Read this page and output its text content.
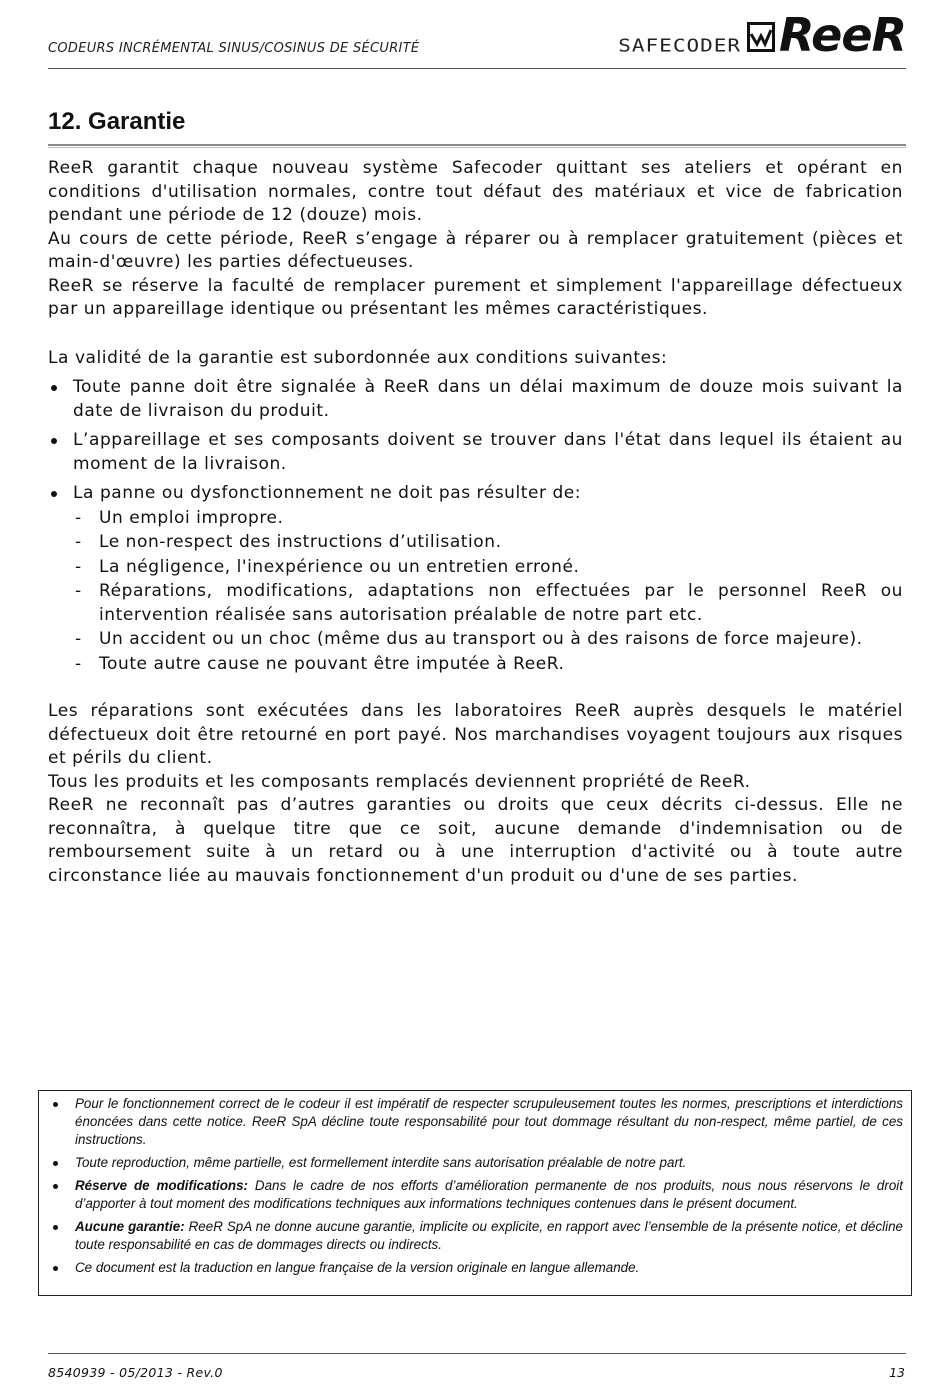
CODEURS INCRÉMENTAL SINUS/COSINUS DE SÉCURITÉ	SAFECODER ReeR
12. Garantie

ReeR garantit chaque nouveau système Safecoder quittant ses ateliers et opérant en conditions d'utilisation normales, contre tout défaut des matériaux et vice de fabrication pendant une période de 12 (douze) mois.

Au cours de cette période, ReeR s’engage à réparer ou à remplacer gratuitement (pièces et main-d'œuvre) les parties défectueuses.

ReeR se réserve la faculté de remplacer purement et simplement l'appareillage défectueux par un appareillage identique ou présentant les mêmes caractéristiques.

La validité de la garantie est subordonnée aux conditions suivantes:

Toute panne doit être signalée à ReeR dans un délai maximum de douze mois suivant la date de livraison du produit.
L’appareillage et ses composants doivent se trouver dans l'état dans lequel ils étaient au moment de la livraison.
La panne ou dysfonctionnement ne doit pas résulter de:
- Un emploi impropre.
- Le non-respect des instructions d’utilisation.
- La négligence, l'inexpérience ou un entretien erroné.
- Réparations, modifications, adaptations non effectuées par le personnel ReeR ou intervention réalisée sans autorisation préalable de notre part etc.
- Un accident ou un choc (même dus au transport ou à des raisons de force majeure).
- Toute autre cause ne pouvant être imputée à ReeR.

Les réparations sont exécutées dans les laboratoires ReeR auprès desquels le matériel défectueux doit être retourné en port payé. Nos marchandises voyagent toujours aux risques et périls du client.

Tous les produits et les composants remplacés deviennent propriété de ReeR.

ReeR ne reconnaît pas d’autres garanties ou droits que ceux décrits ci-dessus. Elle ne reconnaîtra, à quelque titre que ce soit, aucune demande d'indemnisation ou de remboursement suite à un retard ou à une interruption d'activité ou à toute autre circonstance liée au mauvais fonctionnement d'un produit ou d'une de ses parties.

Pour le fonctionnement correct de le codeur il est impératif de respecter scrupuleusement toutes les normes, prescriptions et interdictions énoncées dans cette notice. ReeR SpA décline toute responsabilité pour tout dommage résultant du non-respect, même partiel, de ces instructions.
Toute reproduction, même partielle, est formellement interdite sans autorisation préalable de notre part.
Réserve de modifications: Dans le cadre de nos efforts d’amélioration permanente de nos produits, nous nous réservons le droit d’apporter à tout moment des modifications techniques aux informations techniques contenues dans le présent document.
Aucune garantie: ReeR SpA ne donne aucune garantie, implicite ou explicite, en rapport avec l’ensemble de la présente notice, et décline toute responsabilité en cas de dommages directs ou indirects.
Ce document est la traduction en langue française de la version originale en langue allemande.
8540939 - 05/2013 - Rev.0	13
